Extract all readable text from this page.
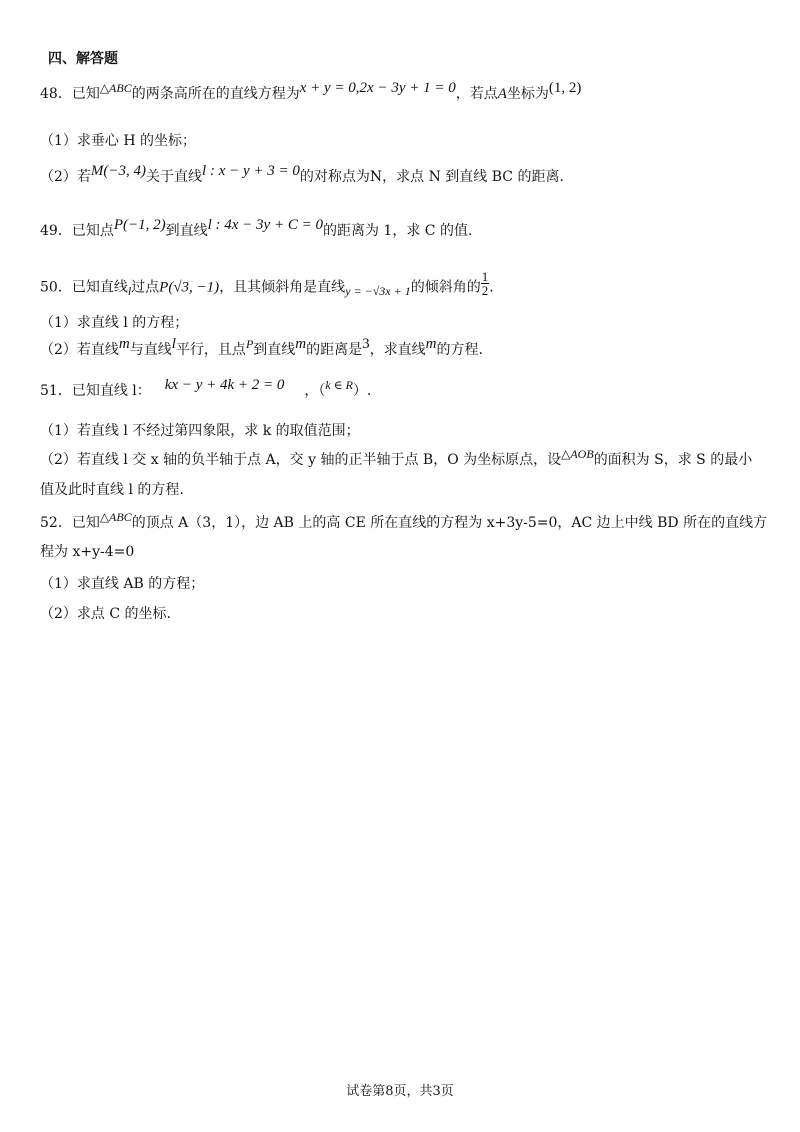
四、解答题
48．已知△ABC的两条高所在的直线方程为x + y = 0,2x − 3y + 1 = 0，若点A坐标为(1, 2)
（1）求垂心 H 的坐标；
（2）若M(−3, 4)关于直线l : x − y + 3 = 0的对称点为N，求点 N 到直线 BC 的距离.
49．已知点P(−1, 2)到直线l : 4x − 3y + C = 0的距离为 1，求 C 的值.
50．已知直线l过点P(√3, −1)，且其倾斜角是直线y = −√3x + 1的倾斜角的 $\frac{1}{2}$ .
（1）求直线 l 的方程；
（2）若直线m与直线l平行，且点P到直线m的距离是3，求直线m的方程.
51．已知直线 l： kx − y + 4k + 2 = 0 ，（k ∈ R）.
（1）若直线 l 不经过第四象限，求 k 的取值范围；
（2）若直线 l 交 x 轴的负半轴于点 A，交 y 轴的正半轴于点 B，O 为坐标原点，设△AOB的面积为 S，求 S 的最小
值及此时直线 l 的方程.
52．已知△ABC的顶点 A（3，1），边 AB 上的高 CE 所在直线的方程为 x+3y-5=0，AC 边上中线 BD 所在的直线方
程为 x+y-4=0
（1）求直线 AB 的方程；
（2）求点 C 的坐标.
试卷第8页，共3页
